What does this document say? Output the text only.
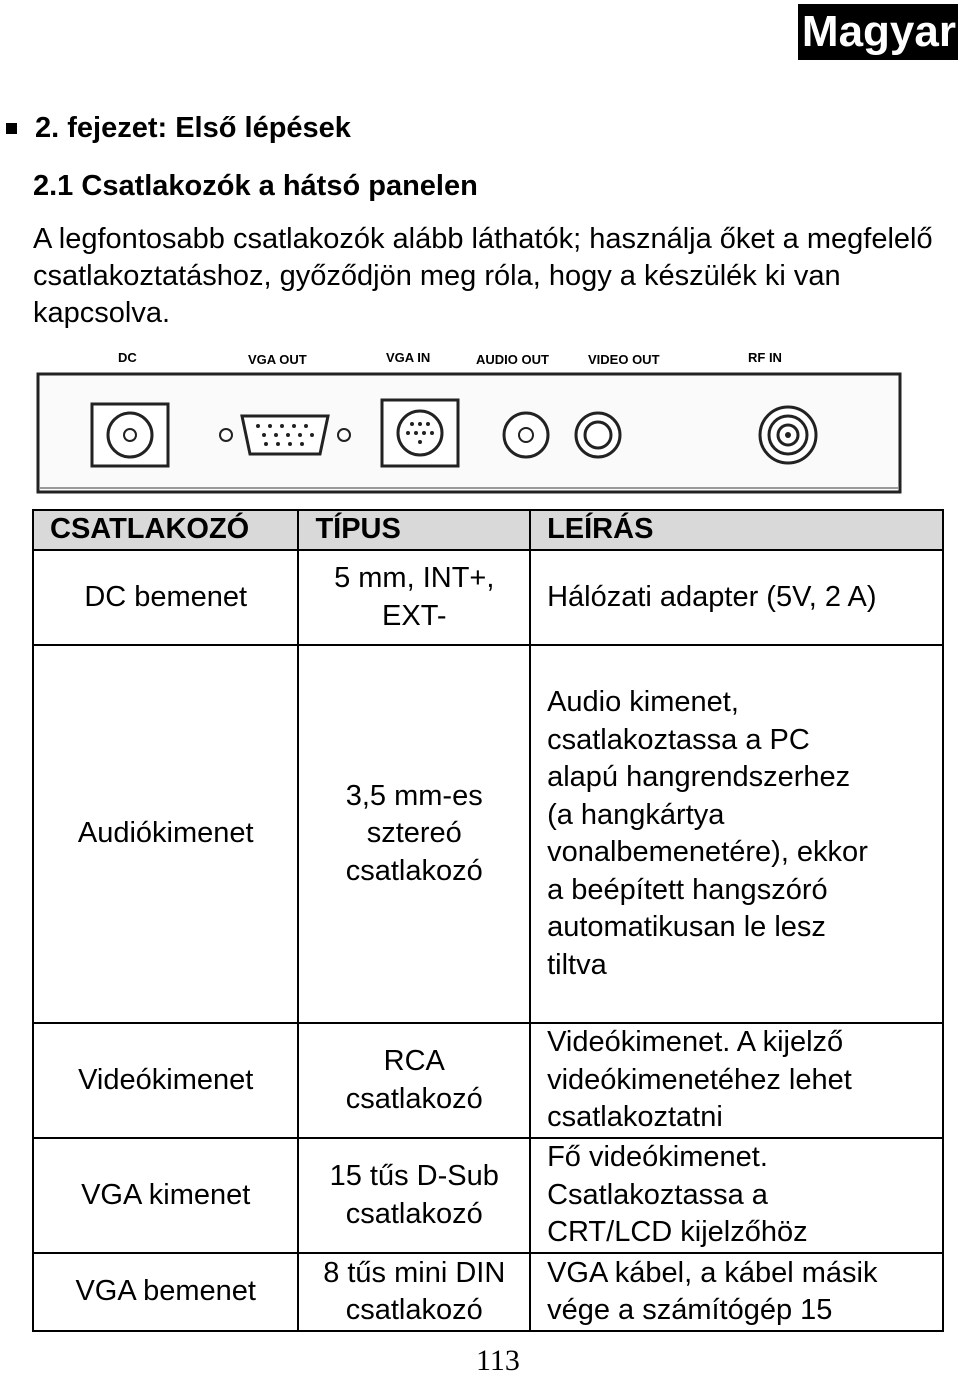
Magyar
2. fejezet: Első lépések
2.1 Csatlakozók a hátsó panelen
A legfontosabb csatlakozók alább láthatók; használja őket a megfelelő csatlakoztatáshoz, győződjön meg róla, hogy a készülék ki van kapcsolva.
DC	VGA OUT	VGA IN	AUDIO OUT	VIDEO OUT	RF IN
CSATLAKOZÓ	TÍPUS	LEÍRÁS
DC bemenet	5 mm, INT+, EXT-	Hálózati adapter (5V, 2 A)
Audiókimenet	3,5 mm-es sztereó csatlakozó	Audio kimenet, csatlakoztassa a PC alapú hangrendszerhez (a hangkártya vonalbemenetére), ekkor a beépített hangszóró automatikusan le lesz tiltva
Videókimenet	RCA csatlakozó	Videókimenet. A kijelző videókimenetéhez lehet csatlakoztatni
VGA kimenet	15 tűs D-Sub csatlakozó	Fő videókimenet. Csatlakoztassa a CRT/LCD kijelzőhöz
VGA bemenet	8 tűs mini DIN csatlakozó	VGA kábel, a kábel másik vége a számítógép 15
113
